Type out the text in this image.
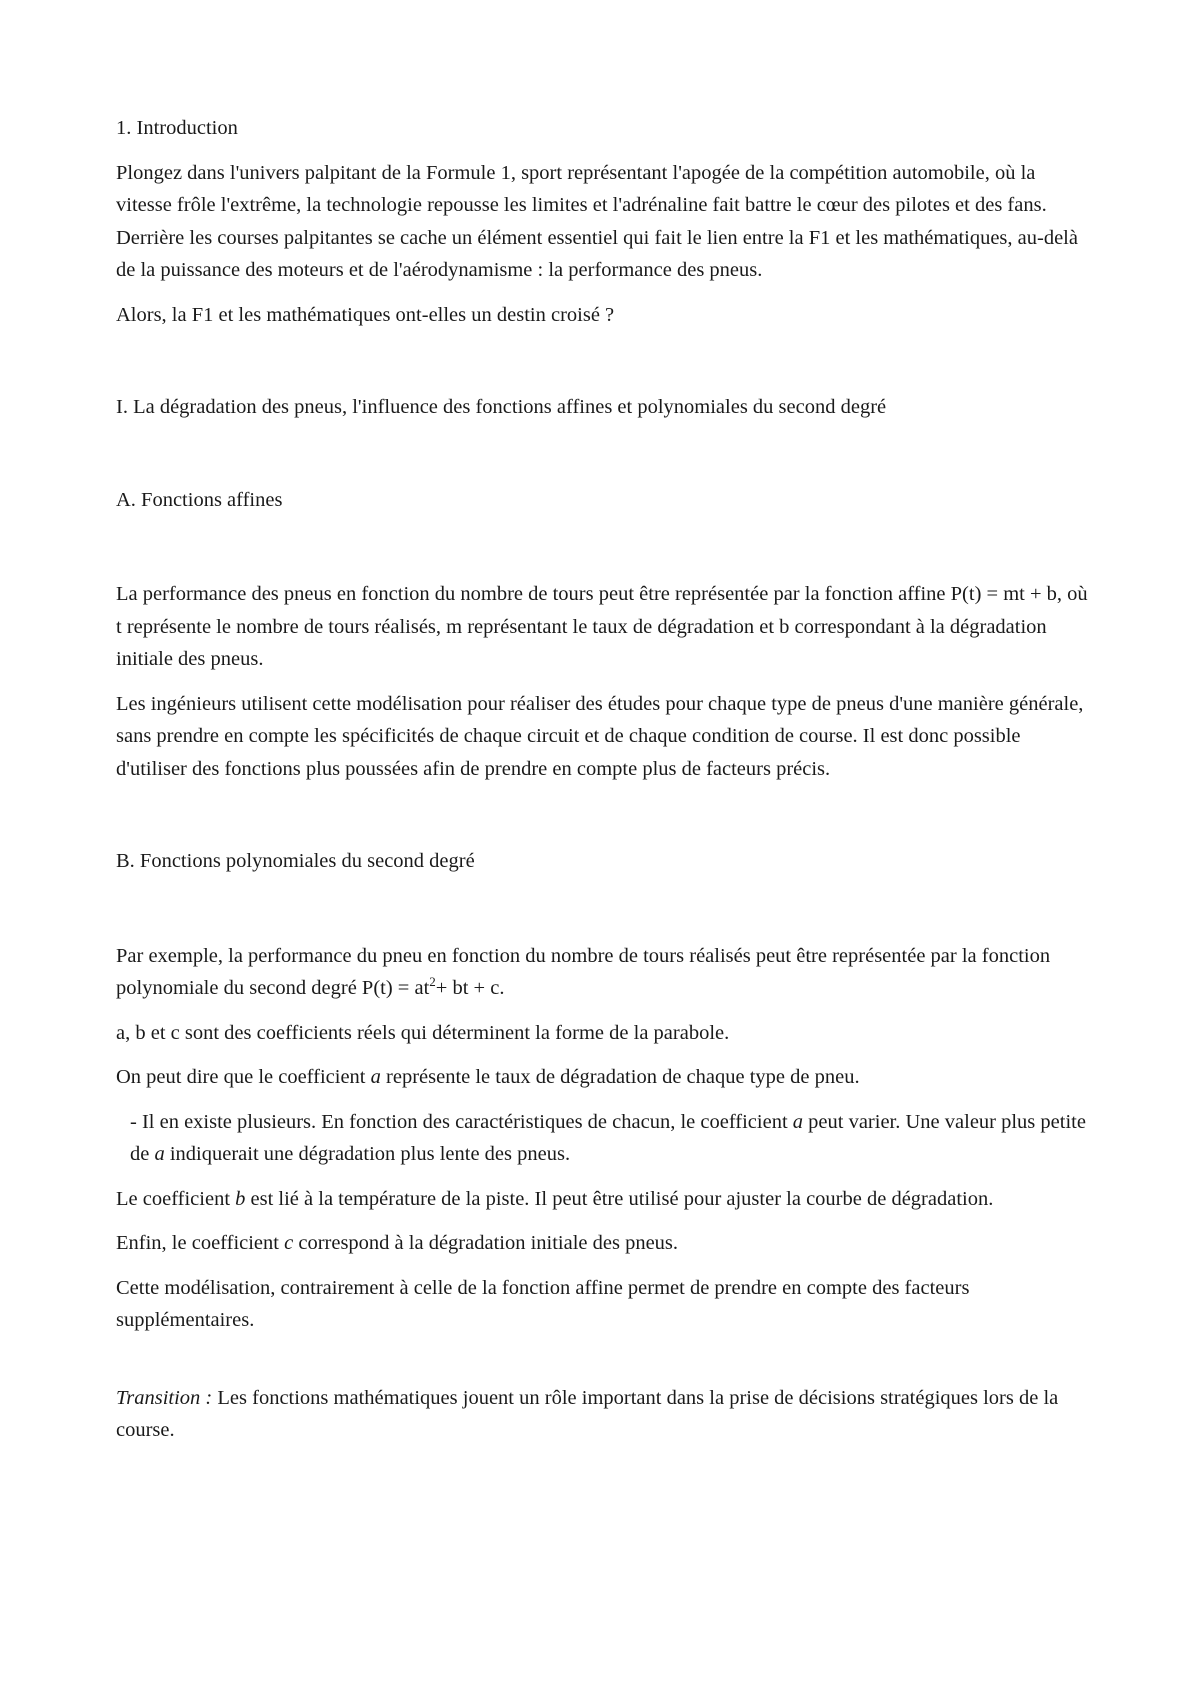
1. Introduction

Plongez dans l'univers palpitant de la Formule 1, sport représentant l'apogée de la compétition automobile, où la vitesse frôle l'extrême, la technologie repousse les limites et l'adrénaline fait battre le cœur des pilotes et des fans. Derrière les courses palpitantes se cache un élément essentiel qui fait le lien entre la F1 et les mathématiques, au-delà de la puissance des moteurs et de l'aérodynamisme : la performance des pneus.

Alors, la F1 et les mathématiques ont-elles un destin croisé ?

I. La dégradation des pneus, l'influence des fonctions affines et polynomiales du second degré

A. Fonctions affines

La performance des pneus en fonction du nombre de tours peut être représentée par la fonction affine P(t) = mt + b, où t représente le nombre de tours réalisés, m représentant le taux de dégradation et b correspondant à la dégradation initiale des pneus.

Les ingénieurs utilisent cette modélisation pour réaliser des études pour chaque type de pneus d'une manière générale, sans prendre en compte les spécificités de chaque circuit et de chaque condition de course. Il est donc possible d'utiliser des fonctions plus poussées afin de prendre en compte plus de facteurs précis.

B. Fonctions polynomiales du second degré

Par exemple, la performance du pneu en fonction du nombre de tours réalisés peut être représentée par la fonction polynomiale du second degré $P(t) = at^2+$ bt + c.

a, b et c sont des coefficients réels qui déterminent la forme de la parabole.

On peut dire que le coefficient a représente le taux de dégradation de chaque type de pneu.

- Il en existe plusieurs. En fonction des caractéristiques de chacun, le coefficient a peut varier. Une valeur plus petite de a indiquerait une dégradation plus lente des pneus.

Le coefficient b est lié à la température de la piste. Il peut être utilisé pour ajuster la courbe de dégradation.

Enfin, le coefficient c correspond à la dégradation initiale des pneus.

Cette modélisation, contrairement à celle de la fonction affine permet de prendre en compte des facteurs supplémentaires.

Transition : Les fonctions mathématiques jouent un rôle important dans la prise de décisions stratégiques lors de la course.
